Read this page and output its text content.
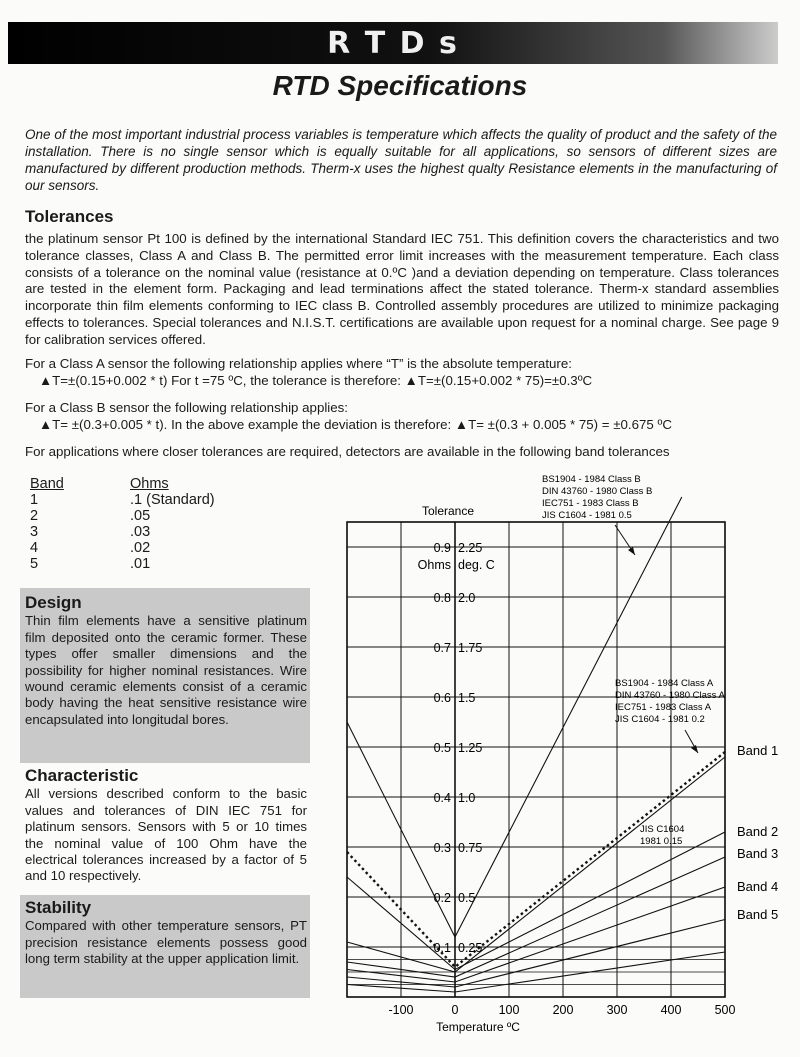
R T D s
RTD Specifications
One of the most important industrial process variables is temperature which affects the quality of product and the safety of the installation. There is no single sensor which is equally suitable for all applications, so sensors of different sizes are manufactured by different production methods. Therm-x uses the highest qualty Resistance elements in the manufacturing of our sensors.
Tolerances
the platinum sensor Pt 100 is defined by the international Standard IEC 751. This definition covers the characteristics and two tolerance classes, Class A and Class B. The permitted error limit increases with the measurement temperature. Each class consists of a tolerance on the nominal value (resistance at 0.ºC )and a deviation depending on temperature. Class tolerances are tested in the element form. Packaging and lead terminations affect the stated tolerance. Therm-x standard assemblies incorporate thin film elements conforming to IEC class B. Controlled assembly procedures are utilized to minimize packaging effects to tolerances. Special tolerances and N.I.S.T. certifications are available upon request for a nominal charge. See page 9 for calibration services offered.
For a Class A sensor the following relationship applies where “T” is the absolute temperature:
▲T=±(0.15+0.002 * t) For t =75 ºC, the tolerance is therefore: ▲T=±(0.15+0.002 * 75)=±0.3ºC
For a Class B sensor the following relationship applies:
▲T= ±(0.3+0.005 * t). In the above example the deviation is therefore: ▲T= ±(0.3 + 0.005 * 75) = ±0.675 ºC
For applications where closer tolerances are required, detectors are available in the following band tolerances
Band	Ohms
1	.1 (Standard)
2	.05
3	.03
4	.02
5	.01
Design
Thin film elements have a sensitive platinum film deposited onto the ceramic former. These types offer smaller dimensions and the possibility for higher nominal resistances. Wire wound ceramic elements consist of a ceramic body having the heat sensitive resistance wire encapsulated into longitudal bores.
Characteristic
All versions described conform to the basic values and tolerances of DIN IEC 751 for platinum sensors. Sensors with 5 or 10 times the nominal value of 100 Ohm have the electrical tolerances increased by a factor of 5 and 10 respectively.
Stability
Compared with other temperature sensors, PT precision resistance elements possess good long term stability at the upper application limit.
0.9 2.25
0.8 2.0
0.7 1.75
0.6 1.5
0.5 1.25
0.4 1.0
0.3 0.75
0.2 0.5
0.1 0.25
Ohms deg. C
-100	0	100	200	300	400	500
Tolerance
Temperature ºC
BS1904 - 1984 Class B
DIN 43760 - 1980 Class B
IEC751 - 1983 Class B
JIS C1604 - 1981 0.5
BS1904 - 1984 Class A
DIN 43760 - 1980 Class A
IEC751 - 1983 Class A
JIS C1604 - 1981 0.2
JIS C1604
1981 0.15
Band 1
Band 2
Band 3
Band 4
Band 5
